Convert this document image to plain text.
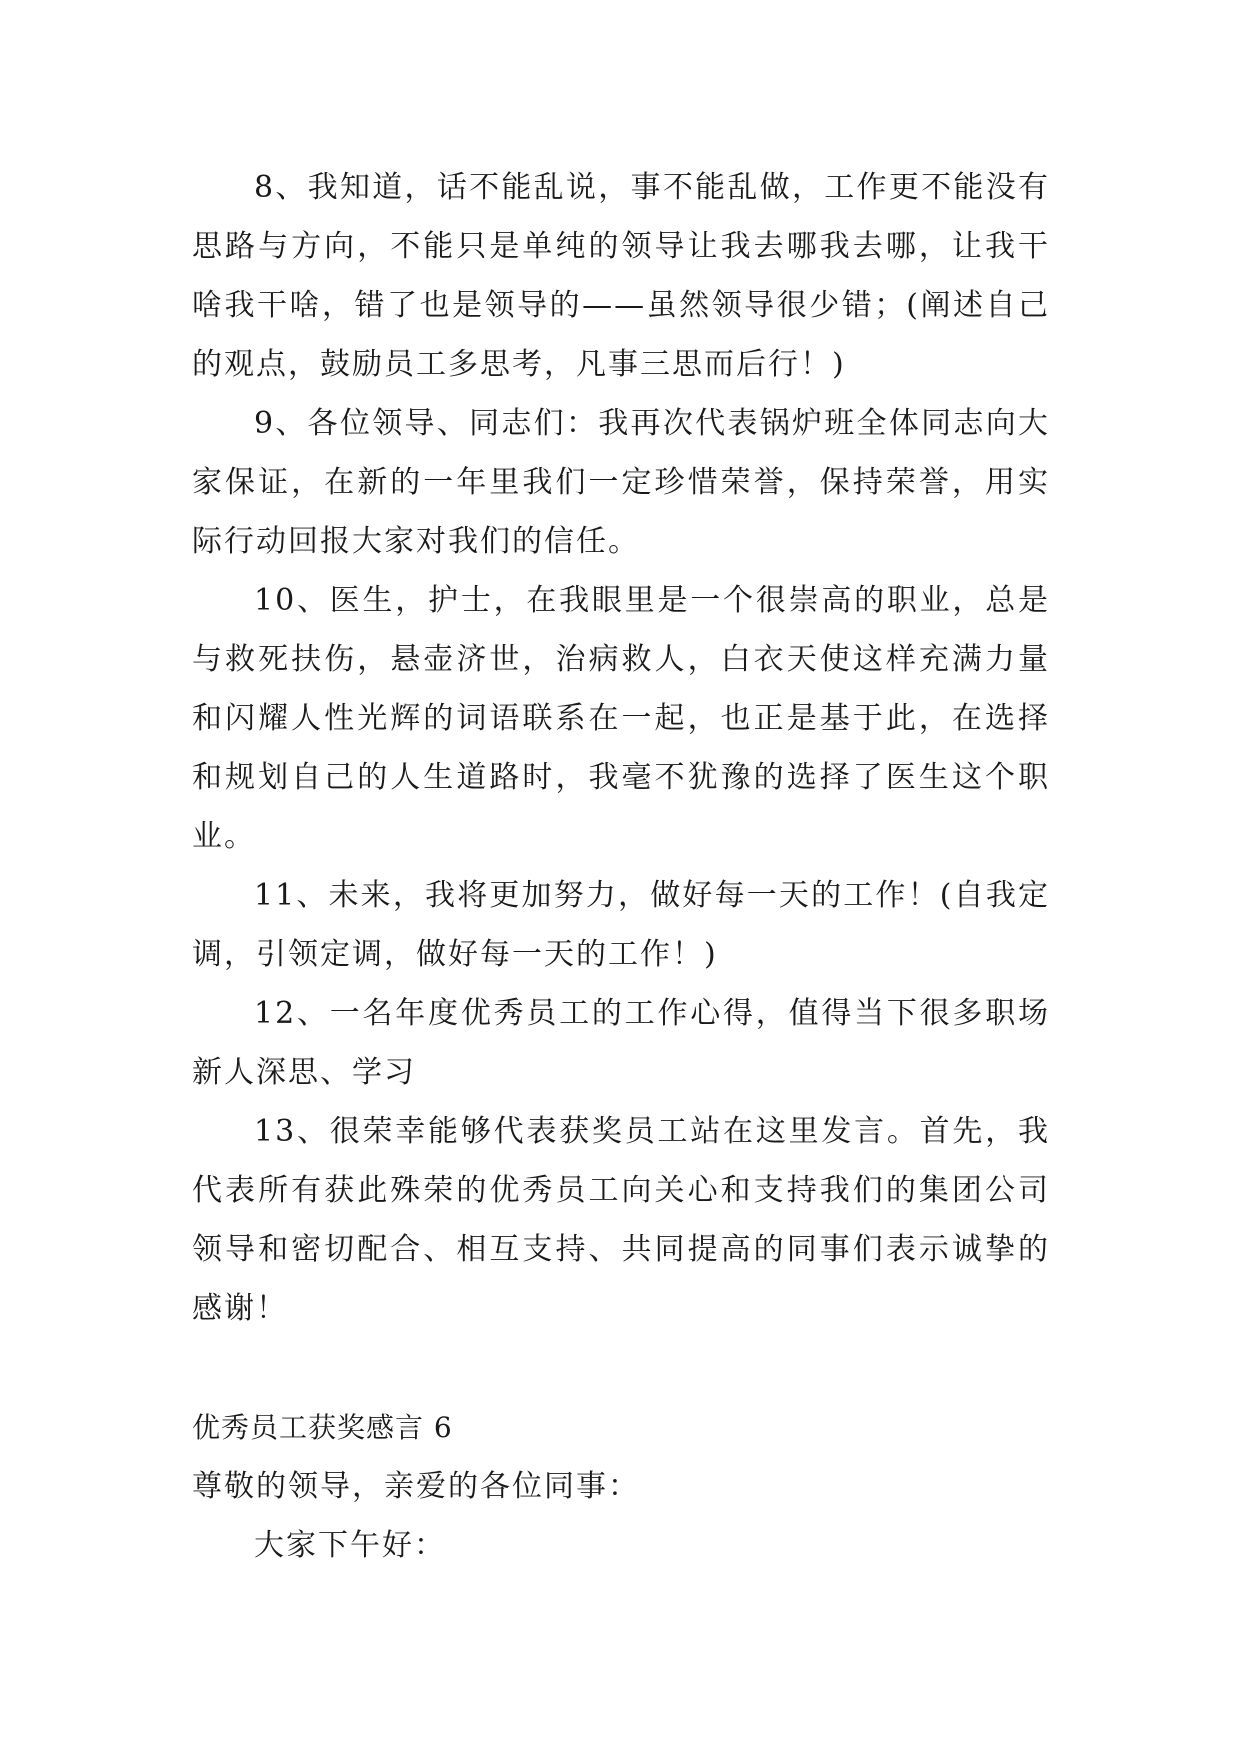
8、我知道，话不能乱说，事不能乱做，工作更不能没有思路与方向，不能只是单纯的领导让我去哪我去哪，让我干啥我干啥，错了也是领导的——虽然领导很少错；(阐述自己的观点，鼓励员工多思考，凡事三思而后行！)

9、各位领导、同志们：我再次代表锅炉班全体同志向大家保证，在新的一年里我们一定珍惜荣誉，保持荣誉，用实际行动回报大家对我们的信任。

10、医生，护士，在我眼里是一个很崇高的职业，总是与救死扶伤，悬壶济世，治病救人，白衣天使这样充满力量和闪耀人性光辉的词语联系在一起，也正是基于此，在选择和规划自己的人生道路时，我毫不犹豫的选择了医生这个职业。

11、未来，我将更加努力，做好每一天的工作！(自我定调，引领定调，做好每一天的工作！)

12、一名年度优秀员工的工作心得，值得当下很多职场新人深思、学习

13、很荣幸能够代表获奖员工站在这里发言。首先，我代表所有获此殊荣的优秀员工向关心和支持我们的集团公司领导和密切配合、相互支持、共同提高的同事们表示诚挚的感谢！

优秀员工获奖感言 6

尊敬的领导，亲爱的各位同事：

大家下午好：
